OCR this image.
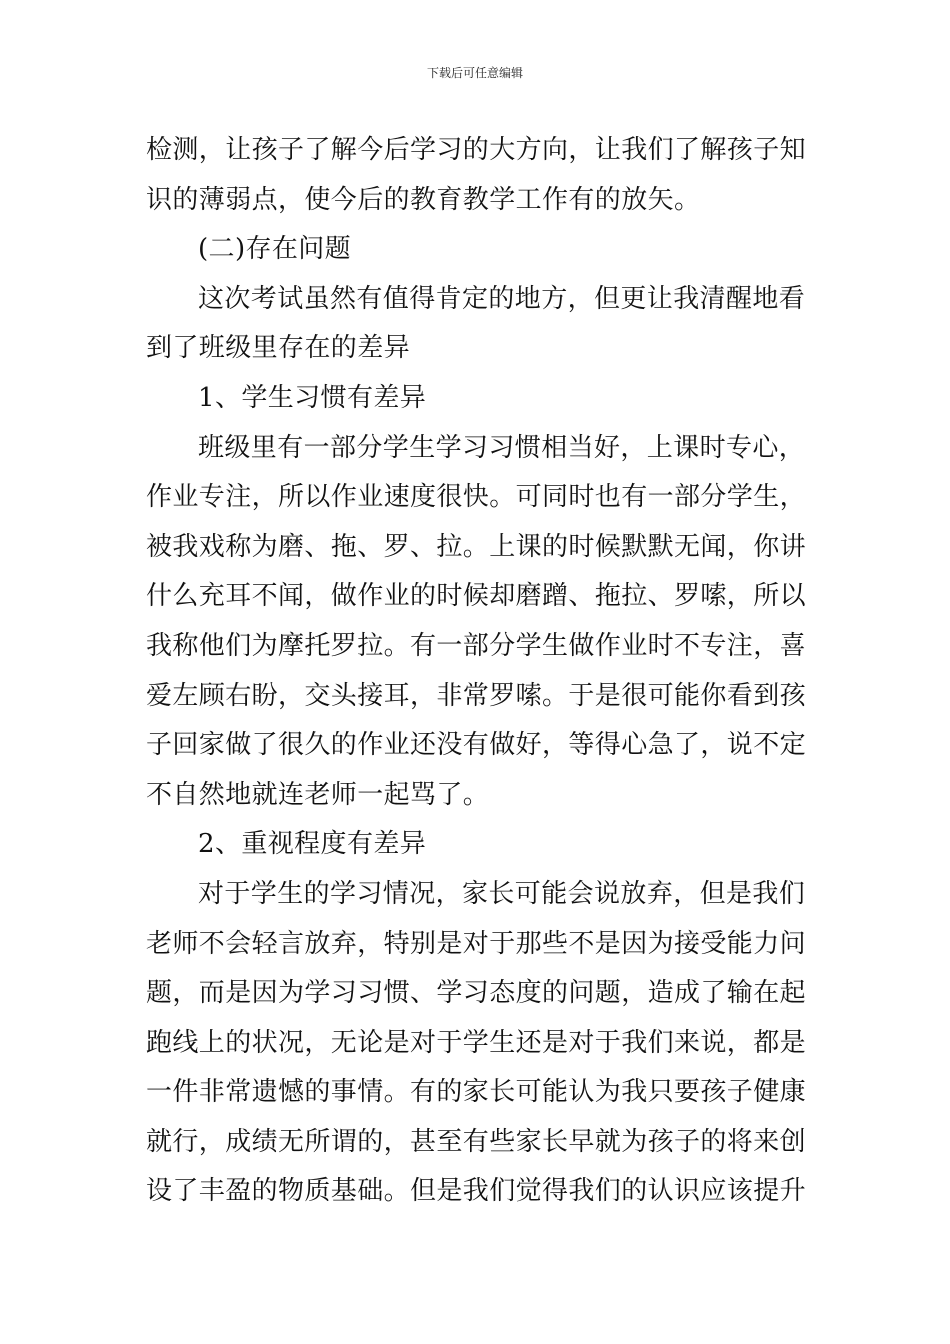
下载后可任意编辑
检测，让孩子了解今后学习的大方向，让我们了解孩子知
识的薄弱点，使今后的教育教学工作有的放矢。
(二)存在问题
这次考试虽然有值得肯定的地方，但更让我清醒地看
到了班级里存在的差异
1、学生习惯有差异
班级里有一部分学生学习习惯相当好，上课时专心，
作业专注，所以作业速度很快。可同时也有一部分学生，
被我戏称为磨、拖、罗、拉。上课的时候默默无闻，你讲
什么充耳不闻，做作业的时候却磨蹭、拖拉、罗嗦，所以
我称他们为摩托罗拉。有一部分学生做作业时不专注，喜
爱左顾右盼，交头接耳，非常罗嗦。于是很可能你看到孩
子回家做了很久的作业还没有做好，等得心急了，说不定
不自然地就连老师一起骂了。
2、重视程度有差异
对于学生的学习情况，家长可能会说放弃，但是我们
老师不会轻言放弃，特别是对于那些不是因为接受能力问
题，而是因为学习习惯、学习态度的问题，造成了输在起
跑线上的状况，无论是对于学生还是对于我们来说，都是
一件非常遗憾的事情。有的家长可能认为我只要孩子健康
就行，成绩无所谓的，甚至有些家长早就为孩子的将来创
设了丰盈的物质基础。但是我们觉得我们的认识应该提升
